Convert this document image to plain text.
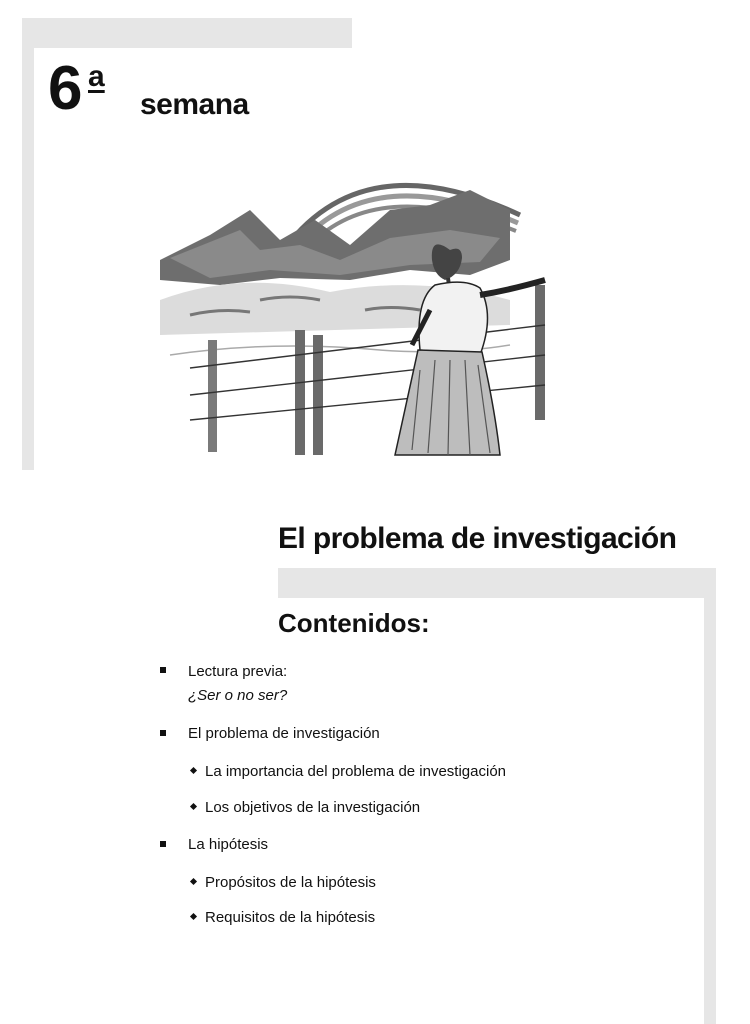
6 a
semana
El problema de investigación
Contenidos:
Lectura previa:
¿Ser o no ser?
El problema de investigación
La importancia del problema de investigación
Los objetivos de la investigación
La hipótesis
Propósitos de la hipótesis
Requisitos de la hipótesis
